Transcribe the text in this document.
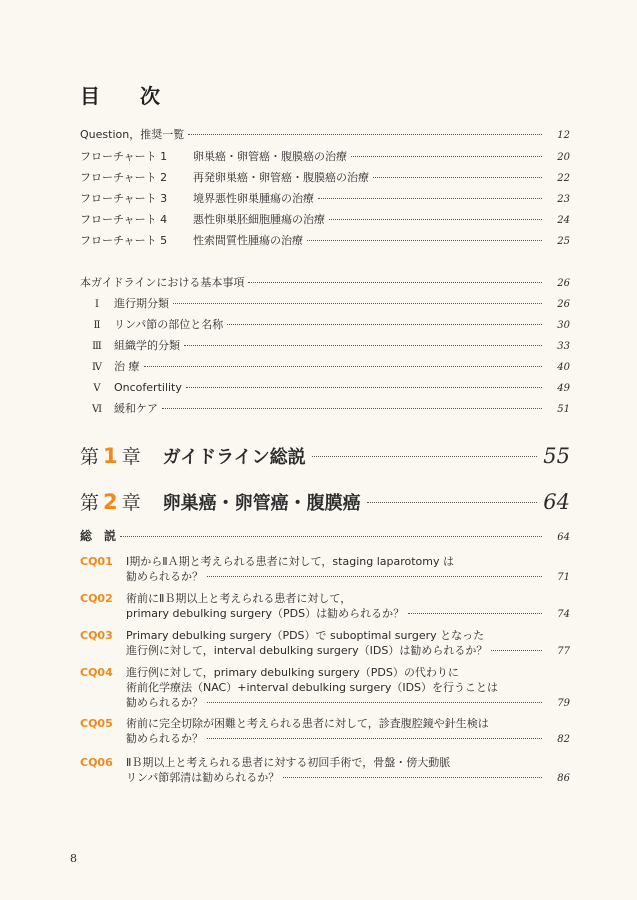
目　次
Question，推奨一覧	12
フローチャート 1	卵巣癌・卵管癌・腹膜癌の治療	20
フローチャート 2	再発卵巣癌・卵管癌・腹膜癌の治療	22
フローチャート 3	境界悪性卵巣腫瘍の治療	23
フローチャート 4	悪性卵巣胚細胞腫瘍の治療	24
フローチャート 5	性索間質性腫瘍の治療	25
本ガイドラインにおける基本事項	26
Ⅰ	進行期分類	26
Ⅱ	リンパ節の部位と名称	30
Ⅲ	組織学的分類	33
Ⅳ	治 療	40
Ⅴ	Oncofertility	49
Ⅵ	緩和ケア	51
第 1 章 ガイドライン総説	55
第 2 章 卵巣癌・卵管癌・腹膜癌	64
総　説	64
CQ01 Ⅰ期からⅡＡ期と考えられる患者に対して，staging laparotomy は
勧められるか？	71
CQ02 術前にⅡＢ期以上と考えられる患者に対して，
primary debulking surgery（PDS）は勧められるか？	74
CQ03 Primary debulking surgery（PDS）で suboptimal surgery となった
進行例に対して，interval debulking surgery（IDS）は勧められるか？	77
CQ04 進行例に対して，primary debulking surgery（PDS）の代わりに
術前化学療法（NAC）+interval debulking surgery（IDS）を行うことは
勧められるか？	79
CQ05 術前に完全切除が困難と考えられる患者に対して，診査腹腔鏡や針生検は
勧められるか？	82
CQ06 ⅡＢ期以上と考えられる患者に対する初回手術で，骨盤・傍大動脈
リンパ節郭清は勧められるか？	86
8
